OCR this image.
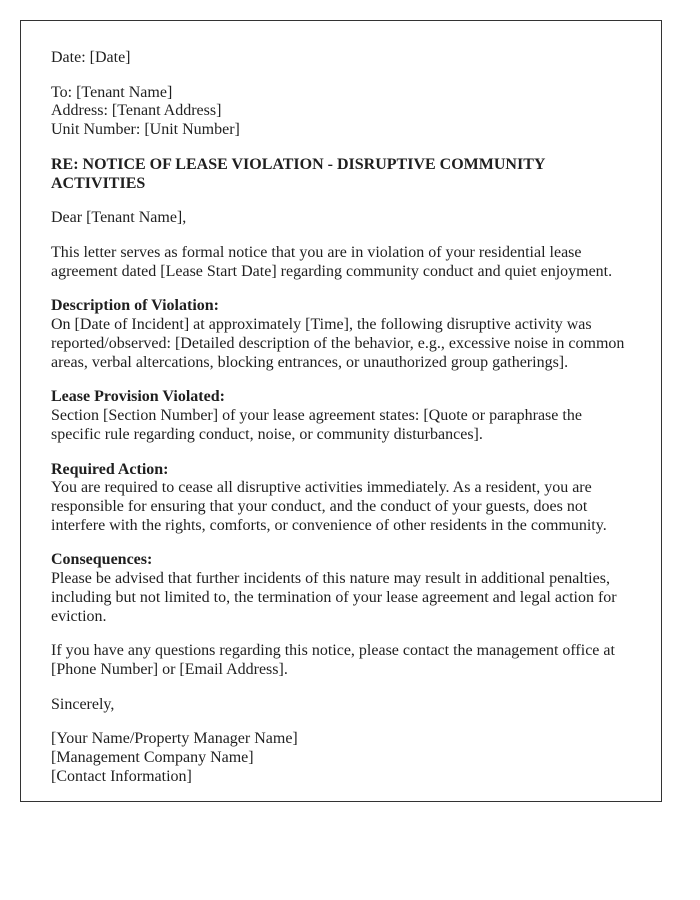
Date: [Date]

To: [Tenant Name]
Address: [Tenant Address]
Unit Number: [Unit Number]

RE: NOTICE OF LEASE VIOLATION - DISRUPTIVE COMMUNITY ACTIVITIES

Dear [Tenant Name],

This letter serves as formal notice that you are in violation of your residential lease agreement dated [Lease Start Date] regarding community conduct and quiet enjoyment.

Description of Violation:
On [Date of Incident] at approximately [Time], the following disruptive activity was reported/observed: [Detailed description of the behavior, e.g., excessive noise in common areas, verbal altercations, blocking entrances, or unauthorized group gatherings].

Lease Provision Violated:
Section [Section Number] of your lease agreement states: [Quote or paraphrase the specific rule regarding conduct, noise, or community disturbances].

Required Action:
You are required to cease all disruptive activities immediately. As a resident, you are responsible for ensuring that your conduct, and the conduct of your guests, does not interfere with the rights, comforts, or convenience of other residents in the community.

Consequences:
Please be advised that further incidents of this nature may result in additional penalties, including but not limited to, the termination of your lease agreement and legal action for eviction.

If you have any questions regarding this notice, please contact the management office at [Phone Number] or [Email Address].

Sincerely,

[Your Name/Property Manager Name]
[Management Company Name]
[Contact Information]
